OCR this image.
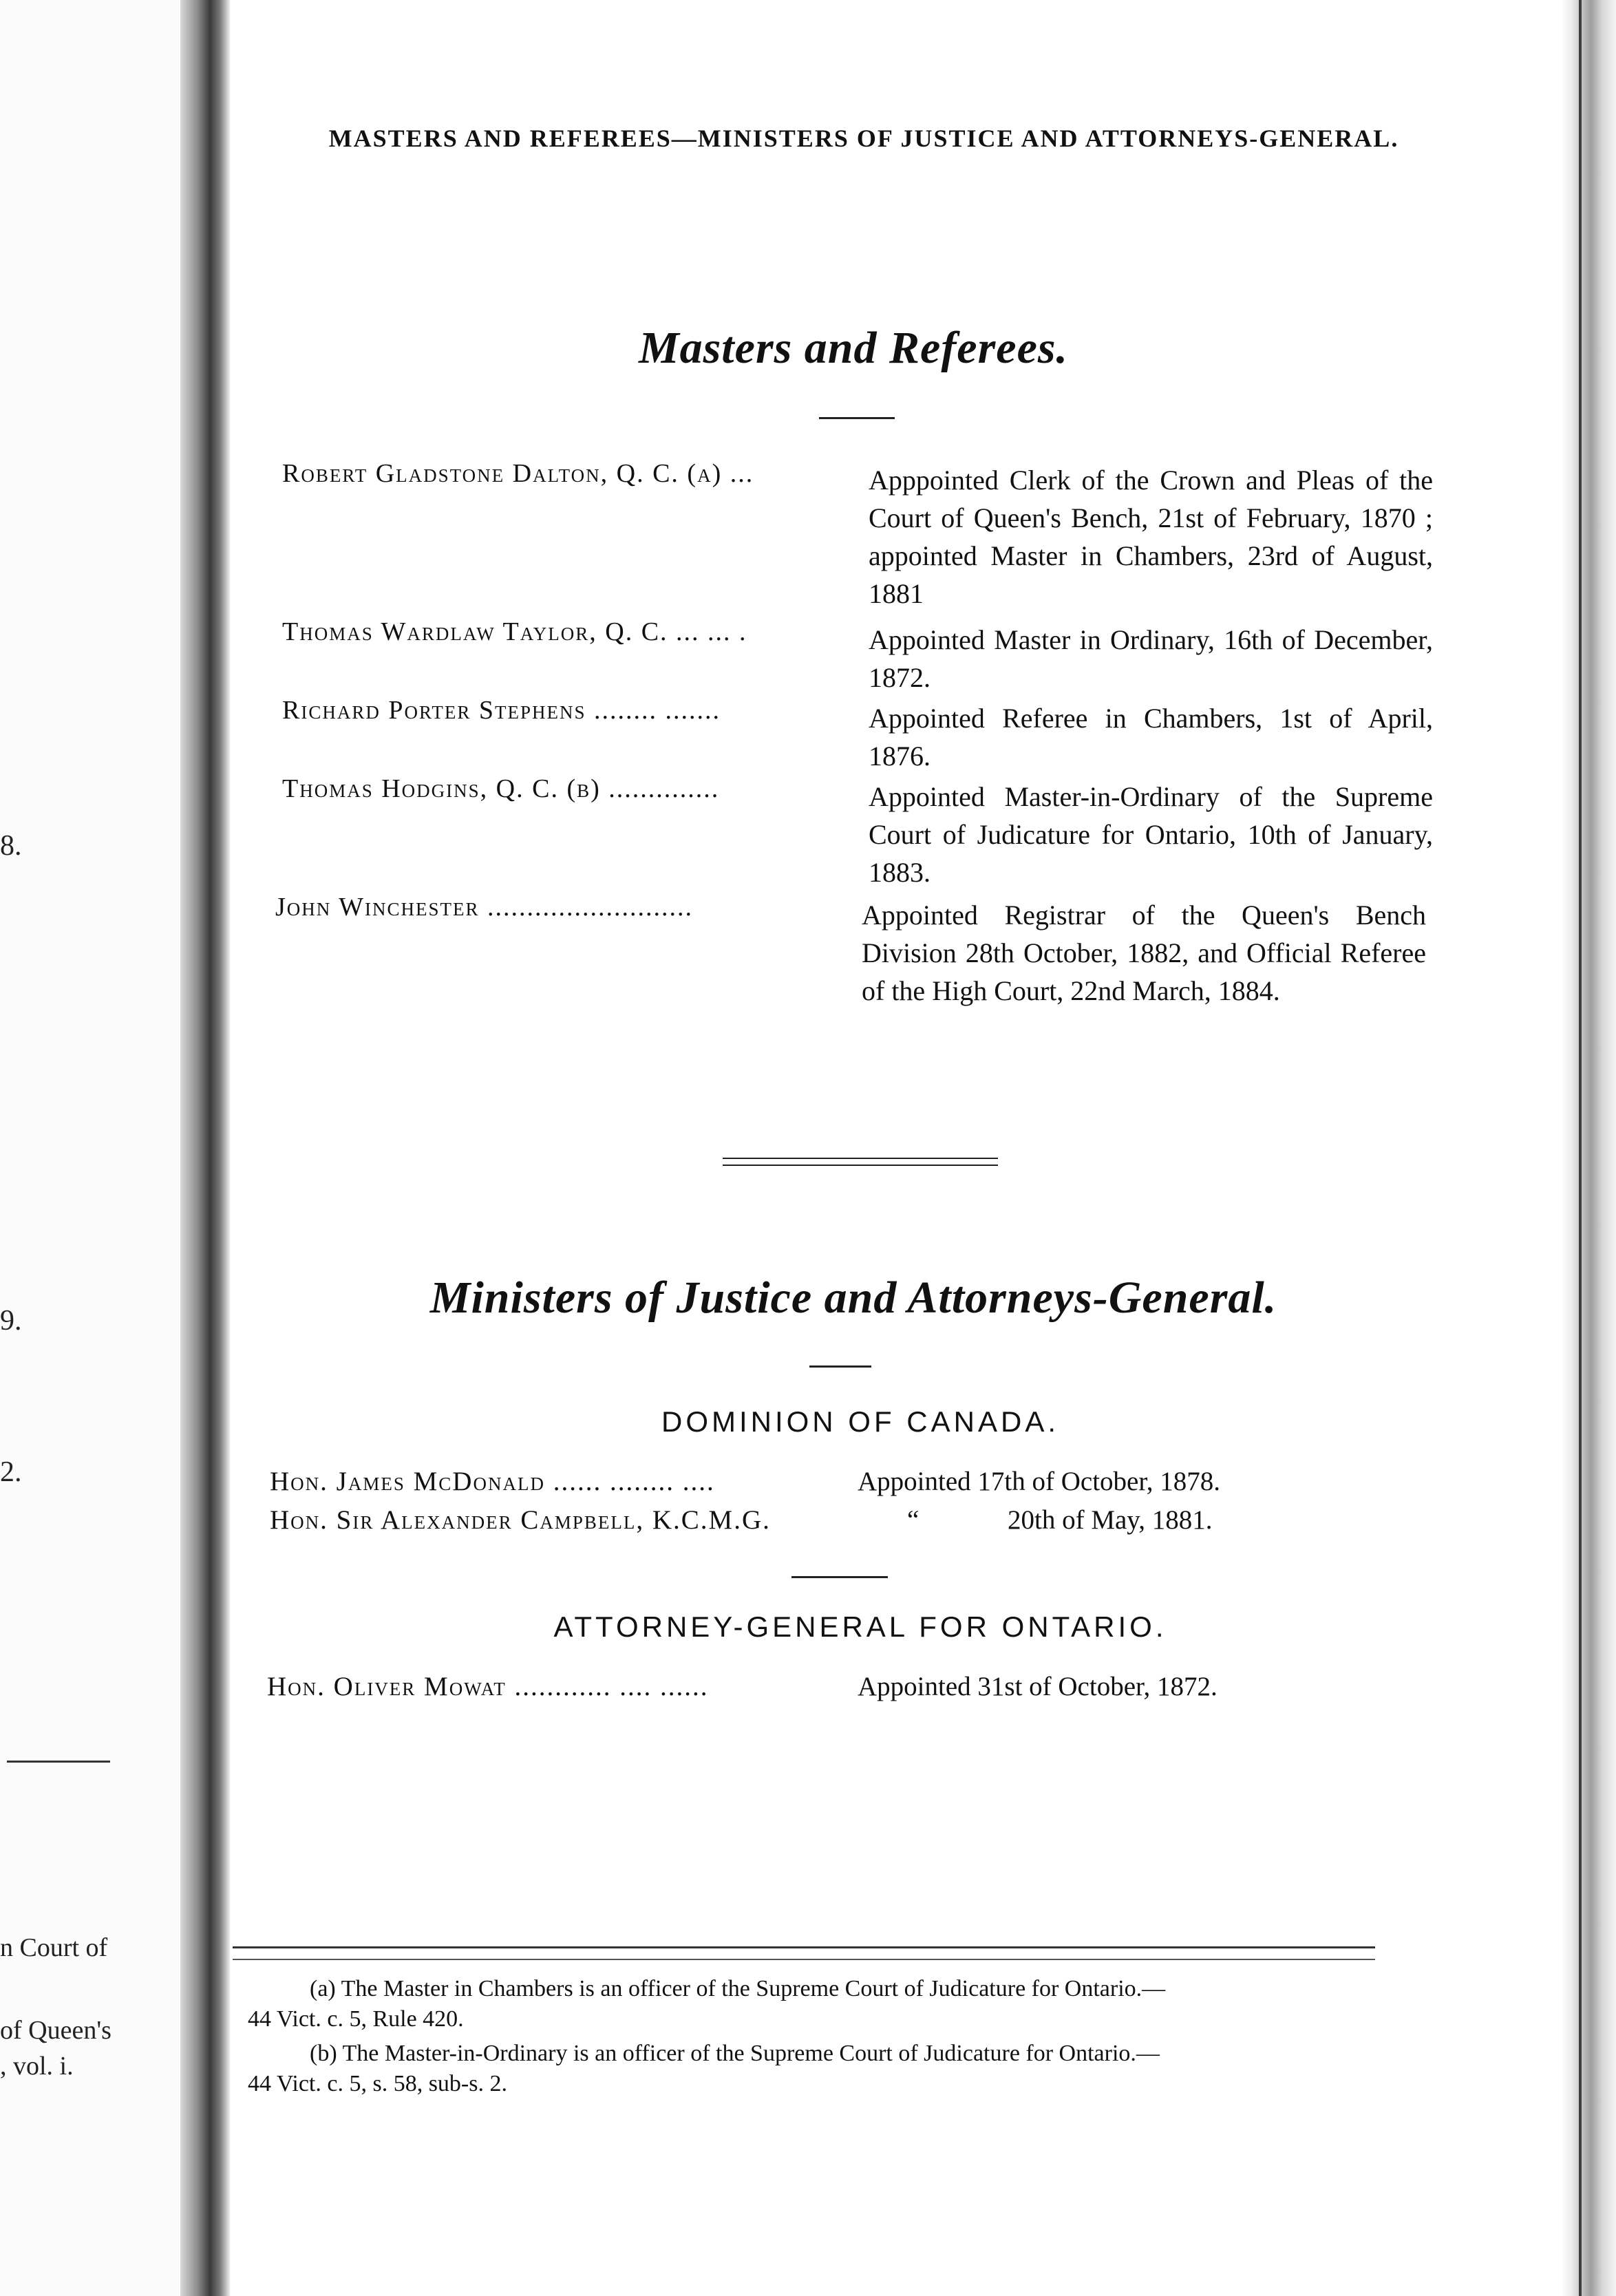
8.
9.
2.
n Court of
of Queen's
, vol. i.
MASTERS AND REFEREES—MINISTERS OF JUSTICE AND ATTORNEYS-GENERAL.
Masters and Referees.
Robert Gladstone Dalton, Q. C. (a) ...	Apppointed Clerk of the Crown and Pleas of the Court of Queen's Bench, 21st of February, 1870 ; appointed Master in Chambers, 23rd of August, 1881
Thomas Wardlaw Taylor, Q. C. ... ... .	Appointed Master in Ordinary, 16th of December, 1872.
Richard Porter Stephens ........ .......	Appointed Referee in Chambers, 1st of April, 1876.
Thomas Hodgins, Q. C. (b) ..............	Appointed Master-in-Ordinary of the Supreme Court of Judicature for Ontario, 10th of January, 1883.
John Winchester ..........................	Appointed Registrar of the Queen's Bench Division 28th October, 1882, and Official Referee of the High Court, 22nd March, 1884.
Ministers of Justice and Attorneys-General.
DOMINION OF CANADA.
Hon. James McDonald ...... ........ ....	Appointed 17th of October, 1878.
Hon. Sir Alexander Campbell, K.C.M.G.	“	20th of May, 1881.
ATTORNEY-GENERAL FOR ONTARIO.
Hon. Oliver Mowat ............ .... ......	Appointed 31st of October, 1872.
(a) The Master in Chambers is an officer of the Supreme Court of Judicature for Ontario.—
44 Vict. c. 5, Rule 420.
(b) The Master-in-Ordinary is an officer of the Supreme Court of Judicature for Ontario.—
44 Vict. c. 5, s. 58, sub-s. 2.
